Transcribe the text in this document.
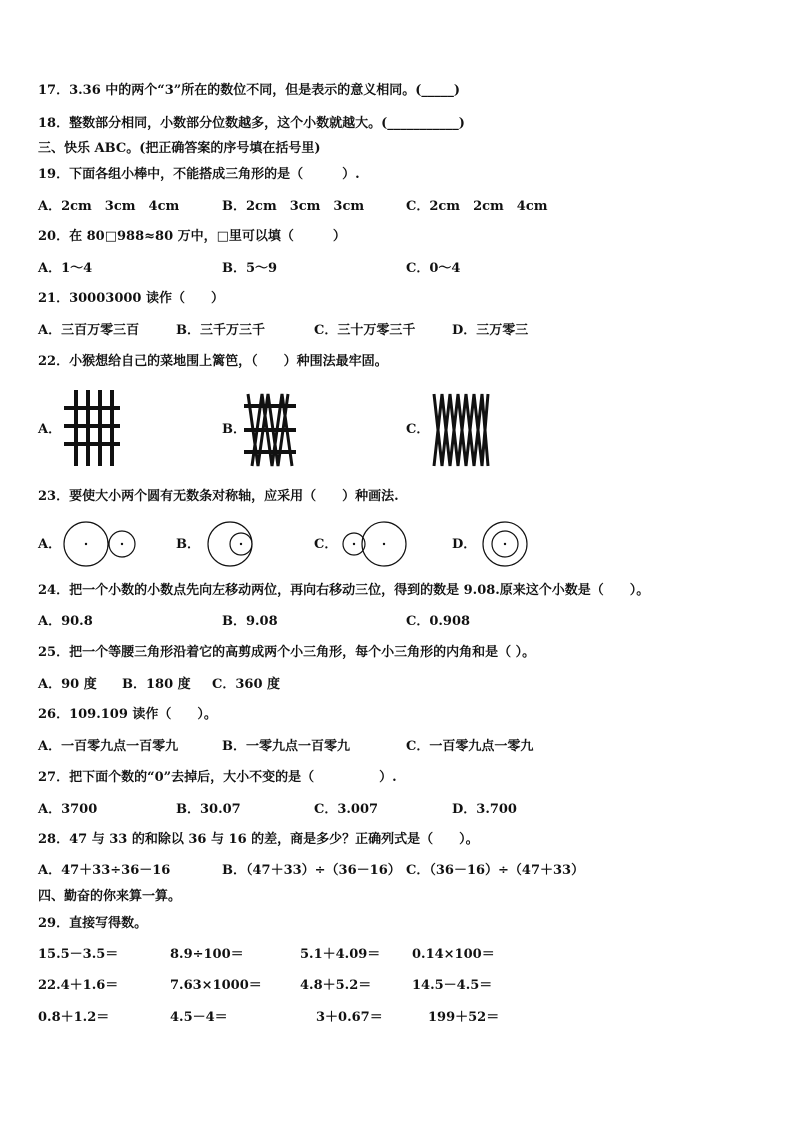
17．3.36 中的两个“3”所在的数位不同，但是表示的意义相同。(_____)
18．整数部分相同，小数部分位数越多，这个小数就越大。(___________)
三、快乐 ABC。(把正确答案的序号填在括号里)
19．下面各组小棒中，不能搭成三角形的是（　　　）.
A．2cm　3cm　4cm	B．2cm　3cm　3cm	C．2cm　2cm　4cm
20．在 80□988≈80 万中，□里可以填（　　　）
A．1～4	B．5～9	C．0～4
21．30003000 读作（　　）
A．三百万零三百	B．三千万三千	C．三十万零三千	D．三万零三
22．小猴想给自己的菜地围上篱笆，（　　）种围法最牢固。
A．	B．	C．
23．要使大小两个圆有无数条对称轴，应采用（　　）种画法.
A．	B．	C．	D．
24．把一个小数的小数点先向左移动两位，再向右移动三位，得到的数是 9.08.原来这个小数是（　　）。
A．90.8	B．9.08	C．0.908
25．把一个等腰三角形沿着它的高剪成两个小三角形，每个小三角形的内角和是（ ）。
A．90 度 B．180 度 C．360 度
26．109.109 读作（　　）。
A．一百零九点一百零九	B．一零九点一百零九	C．一百零九点一零九
27．把下面个数的“0”去掉后，大小不变的是（　　　　　）.
A．3700	B．30.07	C．3.007	D．3.700
28．47 与 33 的和除以 36 与 16 的差，商是多少？正确列式是（　　）。
A．47＋33÷36－16	B．（47＋33）÷（36－16） C．（36－16）÷（47＋33）
四、勤奋的你来算一算。
29．直接写得数。
15.5－3.5＝	8.9÷100＝	5.1＋4.09＝ 0.14×100＝
22.4＋1.6＝	7.63×1000＝	4.8＋5.2＝	14.5－4.5＝
0.8＋1.2＝	4.5－4＝	3＋0.67＝	199＋52＝
